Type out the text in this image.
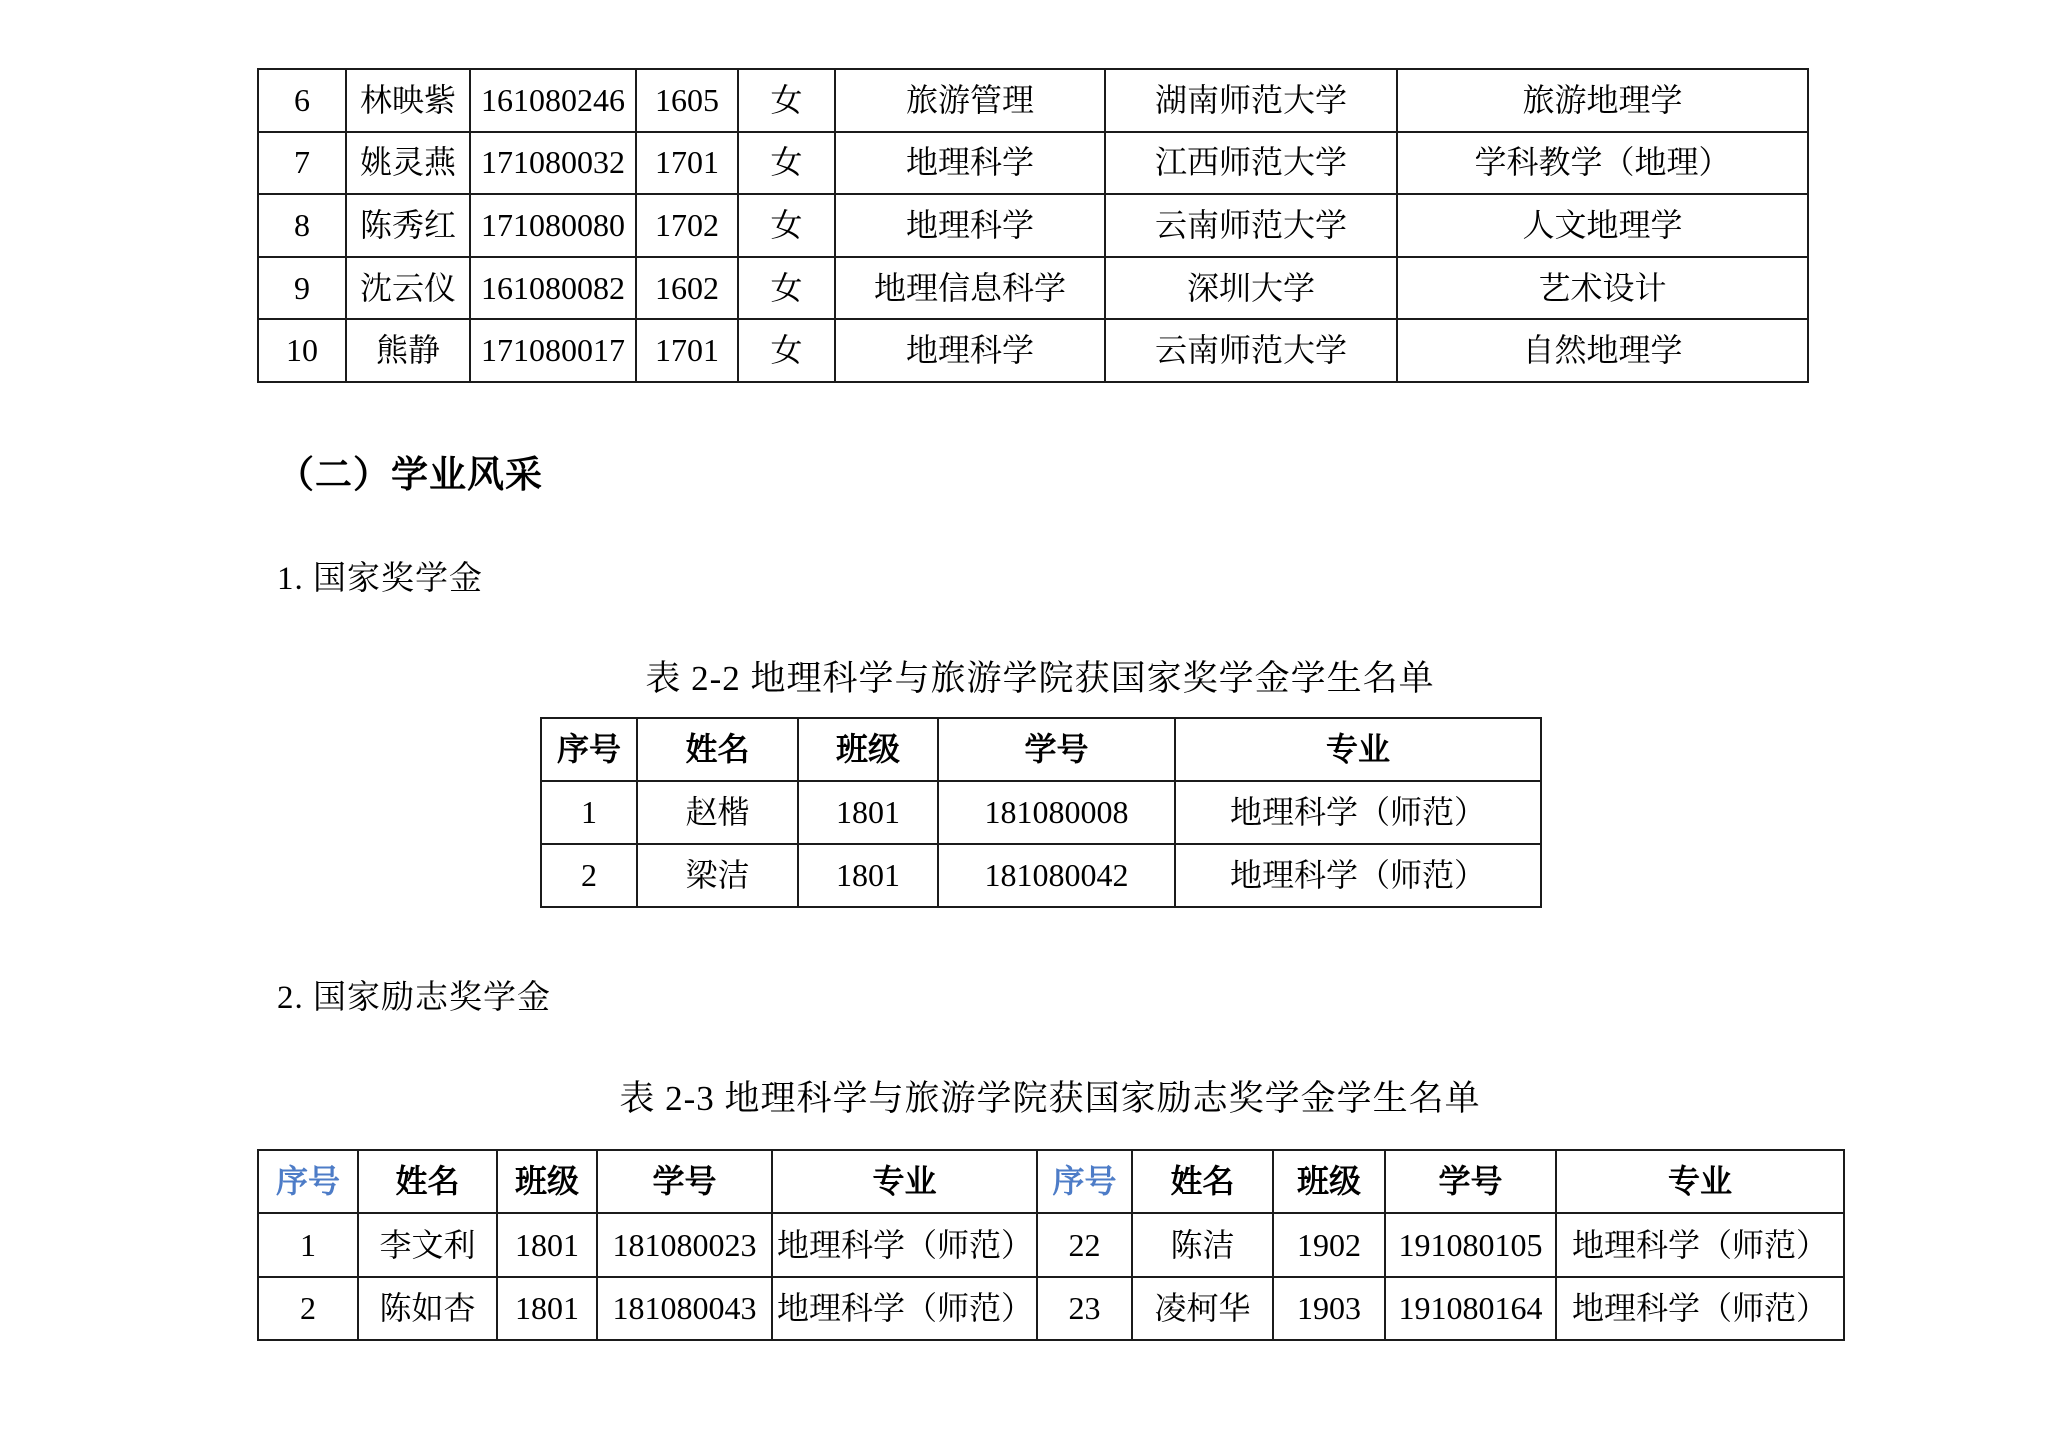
6	林映紫	161080246	1605	女	旅游管理	湖南师范大学	旅游地理学
7	姚灵燕	171080032	1701	女	地理科学	江西师范大学	学科教学（地理）
8	陈秀红	171080080	1702	女	地理科学	云南师范大学	人文地理学
9	沈云仪	161080082	1602	女	地理信息科学	深圳大学	艺术设计
10	熊静	171080017	1701	女	地理科学	云南师范大学	自然地理学
（二）学业风采
1. 国家奖学金
表 2-2 地理科学与旅游学院获国家奖学金学生名单
序号	姓名	班级	学号	专业
1	赵楷	1801	181080008	地理科学（师范）
2	梁洁	1801	181080042	地理科学（师范）
2. 国家励志奖学金
表 2-3 地理科学与旅游学院获国家励志奖学金学生名单
序号	姓名	班级	学号	专业	序号	姓名	班级	学号	专业
1	李文利	1801	181080023	地理科学（师范）	22	陈洁	1902	191080105	地理科学（师范）
2	陈如杏	1801	181080043	地理科学（师范）	23	凌柯华	1903	191080164	地理科学（师范）
